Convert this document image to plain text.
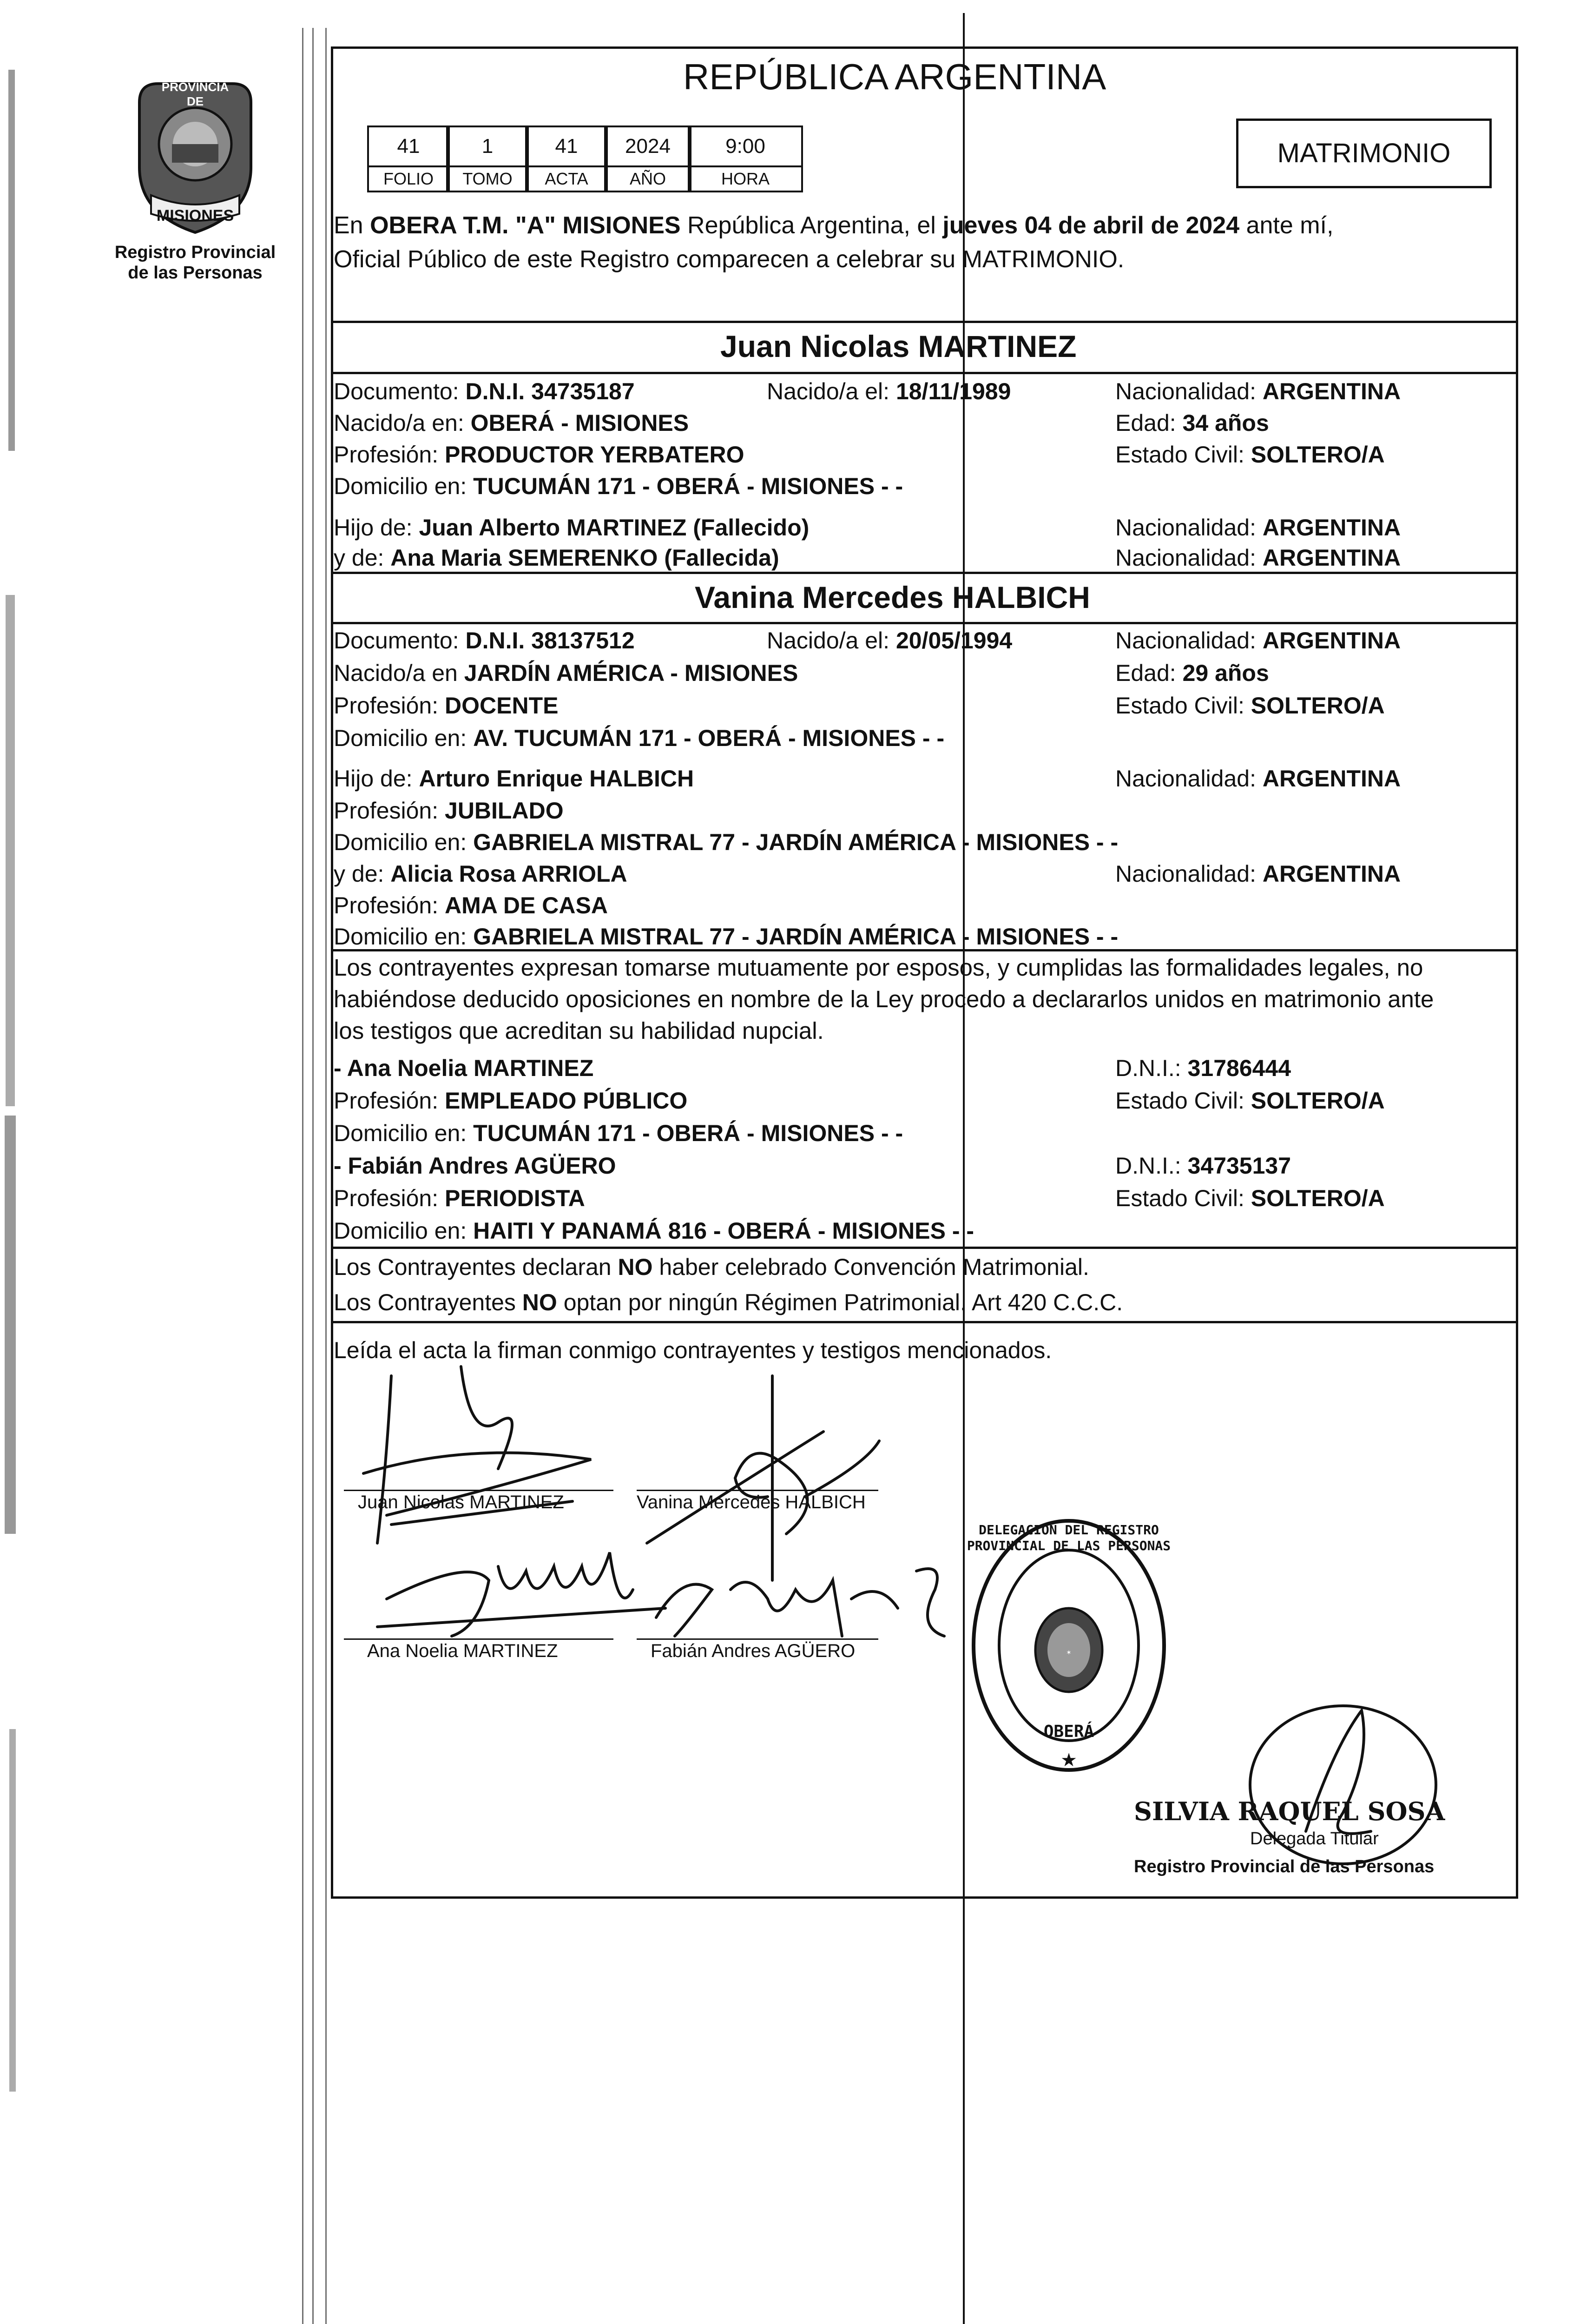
PROVINCIA DE
MISIONES
Registro Provincial
de las Personas
REPÚBLICA ARGENTINA
MATRIMONIO
41	1	41	2024	9:00
FOLIO	TOMO	ACTA	AÑO	HORA
En OBERA T.M. "A" MISIONES República Argentina, el jueves 04 de abril de 2024 ante mí,
Oficial Público de este Registro comparecen a celebrar su MATRIMONIO.
Juan Nicolas MARTINEZ
Documento: D.N.I. 34735187	Nacido/a el: 18/11/1989	Nacionalidad: ARGENTINA
Nacido/a en: OBERÁ - MISIONES	Edad: 34 años
Profesión: PRODUCTOR YERBATERO	Estado Civil: SOLTERO/A
Domicilio en: TUCUMÁN 171 - OBERÁ - MISIONES - -
Hijo de: Juan Alberto MARTINEZ (Fallecido)	Nacionalidad: ARGENTINA
y de: Ana Maria SEMERENKO (Fallecida)	Nacionalidad: ARGENTINA
Vanina Mercedes HALBICH
Documento: D.N.I. 38137512	Nacido/a el: 20/05/1994	Nacionalidad: ARGENTINA
Nacido/a en JARDÍN AMÉRICA - MISIONES	Edad: 29 años
Profesión: DOCENTE	Estado Civil: SOLTERO/A
Domicilio en: AV. TUCUMÁN 171 - OBERÁ - MISIONES - -
Hijo de: Arturo Enrique HALBICH	Nacionalidad: ARGENTINA
Profesión: JUBILADO
Domicilio en: GABRIELA MISTRAL 77 - JARDÍN AMÉRICA - MISIONES - -
y de: Alicia Rosa ARRIOLA	Nacionalidad: ARGENTINA
Profesión: AMA DE CASA
Domicilio en: GABRIELA MISTRAL 77 - JARDÍN AMÉRICA - MISIONES - -
Los contrayentes expresan tomarse mutuamente por esposos, y cumplidas las formalidades legales, no
habiéndose deducido oposiciones en nombre de la Ley procedo a declararlos unidos en matrimonio ante
los testigos que acreditan su habilidad nupcial.
- Ana Noelia MARTINEZ	D.N.I.: 31786444
Profesión: EMPLEADO PÚBLICO	Estado Civil: SOLTERO/A
Domicilio en: TUCUMÁN 171 - OBERÁ - MISIONES - -
- Fabián Andres AGÜERO	D.N.I.: 34735137
Profesión: PERIODISTA	Estado Civil: SOLTERO/A
Domicilio en: HAITI Y PANAMÁ 816 - OBERÁ - MISIONES - -
Los Contrayentes declaran NO haber celebrado Convención Matrimonial.
Los Contrayentes NO optan por ningún Régimen Patrimonial. Art 420 C.C.C.
Leída el acta la firman conmigo contrayentes y testigos mencionados.
Juan Nicolas MARTINEZ	Vanina Mercedes HALBICH
Ana Noelia MARTINEZ	Fabián Andres AGÜERO	✶
★
DELEGACION DEL REGISTRO PROVINCIAL DE LAS PERSONAS
OBERÁ
SILVIA RAQUEL SOSA
Delegada Titular
Registro Provincial de las Personas
